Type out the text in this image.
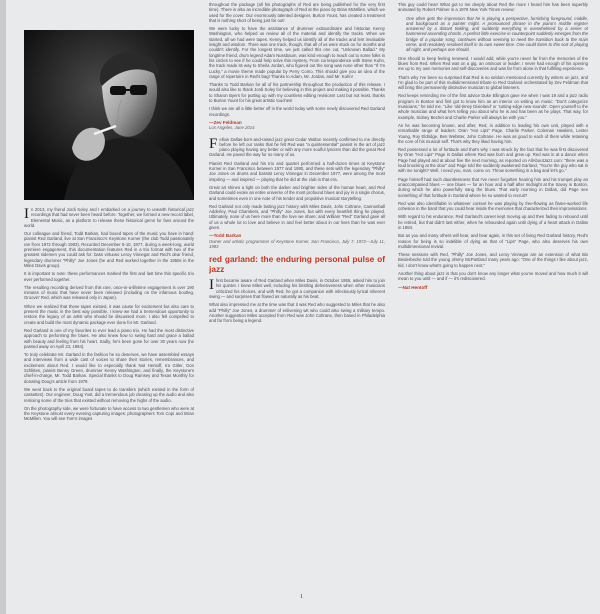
In 2013, my friend Jordi Soley and I embarked on a journey to unearth historical jazz recordings that had never been heard before. Together, we formed a new record label, Elemental Music, as a platform to release these historical gems for fans around the world.

Our colleague and friend, Todd Barkan, had boxed tapes of the music you have in hand: pianist Red Garland, live at San Francisco's Keystone Korner (the club Todd passionately ran from 1972 through 1983). Recorded December 6-10, 1977, during a week-long, world premiere engagement, this documentation features Red in a trio format with two of the greatest sidemen you could ask for: bass virtuoso Leroy Vinnegar and Red's dear friend, legendary drummer "Philly" Joe Jones (he and Red worked together in the 1950s in the Miles Davis group).

It is important to note: these performances marked the first and last time this specific trio ever performed together.

The resulting recording derived from this rare, once-in-a-lifetime engagement is over 190 minutes of music that have never been released (including on the infamous bootleg, Groovin' Red, which was released only in Japan).

When we realized that these tapes existed, it was cause for excitement but also care to present the music in the best way possible. I knew we had a tremendous opportunity to restore the legacy of an artist who should be discussed more. I also felt compelled to create and build the most dynamic package ever done for Mr. Garland.

Red Garland is one of my favorites to ever lead a piano trio. He had the most distinctive approach to performing the blues. He also knew how to swing hard and grace a ballad with beauty and feeling from his heart. Sadly, he's been gone for over 30 years now (he passed away on April 23, 1984).

To truly celebrate Mr. Garland in the fashion he so deserves, we have assembled essays and interviews from a wide cast of voices to share their stories, remembrances, and excitement about Red. I would like to especially thank Nat Hentoff, Ira Gitler, Don Schlitten, pianist Benny Green, drummer Kenny Washington, and finally, the Keystone's chief-in-charge, Mr. Todd Barkan. Special thanks to Doug Ramsey and Texas Monthly for donating Doug's article from 1979.

We went back to the original board tapes to do transfers (which existed in the form of cassettes). Our engineer, Doug Yost, did a tremendous job cleaning up the audio and also remixing some of the trios that existed without removing the highs of the audio.

On the photography side, we were fortunate to have access to two gentlemen who were at the Keystone almost every evening capturing images: photographers Tom Copi and Brian McMillen. You will see Tom's images

throughout the package (all his photographs of Red are being published for the very first time). There is also an incredible photograph of Red at the piano by Brian McMillen, which we used for the cover. Our enormously talented designer, Burton Yount, has created a treatment that is nothing short of being just far out!

We were lucky to have the assistance of drummer extraordinaire and historian Kenny Washington, who helped us review all of the material and identify the tracks. When we started, all we had were tapes. Kenny helped us identify all of the tracks and lent invaluable insight and wisdom. There was one track, though, that all of us were stuck on for months and couldn't identify. For the longest time, we just called this one cut, "Unknown Ballad." My longtime friend, drum legend Adam Nussbaum, was kind enough to reach out to some folks in his circles to see if he could help solve this mystery. From correspondence with Steve Kuhn, the track made its way to Sheila Jordan, who figured out the song was none other than "If I'm Lucky," a movie theme made popular by Perry Como. This should give you an idea of the range of repertoire in Red's bag! Thanks to Adam, Mr. Jordan, and Mr. Kuhn!

Thanks to Todd Barkan for all of his partnership throughout the production of this release. I would also like to thank Jordi Soley for believing in this project and making it possible. Thanks to Sharon Byers for putting up with my countless editing revisions! Last but not least, thanks to Burton Yount for his great artistic touches!

I think we are all a little better off in the world today with some newly discovered Red Garland recordings.

—Zev Feldman
Los Angeles, June 2014

Fellow Dallas-born-and-raised jazz great Cedar Walton recently confirmed to me directly before he left our ranks that he felt Red was "a quintessential" pianist in the art of jazz piano playing having any better or with any more soulful lyricism than did the great Red Garland. He paved the way for so many of us.

Pianist Red Garland and his trio and quartet performed a half-dozen times at Keystone Korner in San Francisco between 1977 and 1980, and these sets with the legendary "Philly" Joe Jones on drums and bassist Leroy Vinnegar in December 1977, were among the most inspiring — and inspired — playing that he did at the club in that era.

Great art shines a light on both the darker and brighter sides of the human heart, and Red Garland could evoke an entire universe of the most profound blues and joy in a single chorus, and sometimes even in one note of his tender and propulsive musical storytelling.

Red Garland not only made lasting jazz history with Miles Davis, John Coltrane, Cannonball Adderley, Paul Chambers, and "Philly" Joe Jones, but with every heartfelt thing he played. Ultimately, none of us here more than the love we share; and William "Red" Garland gave all of us a whole lot to love and believe in and feel better about in our lives than he was ever given.

—Todd Barkan
Owner and artistic programmer of Keystone Korner, San Francisco, July 7, 1972—July 11, 1983

red garland: the enduring personal pulse of jazz

Ifirst became aware of Red Garland when Miles Davis, in October 1955, asked him to join his quintet. I knew Miles well, including his bristling defensiveness when other musicians criticized his choices, and with Red, he got a companion with infectiously lyrical inherent swing — and surprises that flowed as naturally as his beat.

What also impressed me at the time was that it was Red who suggested to Miles that he also add "Philly" Joe Jones, a drummer of enlivening wit who could also swing a military tempo. Another suggestion Miles accepted from Red was John Coltrane, then based in Philadelphia and far from being a legend.

This guy could hear! What got to me deeply about Red the more I heard him has been superbly animated by Robert Palmer in a 1976 New York Times review:

One often gets the impression that he is playing a perspective, furnishing foreground, middle, and background as a painter might. A pronounced phrase in the piano's middle register answered by a distant tinkling, and suddenly everything is overwhelmed by a series of hammered ascending chords. A perfect little exercise in counterpoint suddenly emerges from the bridge of a popular song, continues without seeming to need the transition back to the main verse, and resolutely resolved itself in its own sweet time. One could listen to this sort of playing all night, and perhaps one should.

One should to keep feeling renewed, I would add, while you're never far from the memories of the blues from Red. When Red was on a gig, an ominous or leader, I never had enough of his opening me up to my own memories and self-discoveries and was far from alone in that fulfilling experience.

That's why I've been so surprised that Red is so seldom mentioned currently by writers on jazz, and I'm glad to be part of this multidimensional tribute to Red Garland orchestrated by Zev Feldman that will bring this permanently distinctive musician to global listeners.

Red keeps reminding me of the first advice Duke Ellington gave me when I was 19 and a jazz radio program in Boston and first got to know him as an interior on writing on music: "Don't categorize musicians," he told me. "Like 'old-timey Dixieland' or 'cutting-edge new sounds'. Open yourself to the whole musician and what he's telling you about who he is and has been as he plays. That way, for example, Sidney Bechet and Charlie Parker will always be with you."

As he was becoming known, and after, Red, in addition to leading his own unit, played with a remarkable range of leaders: Oran "Hot Lips" Page, Charlie Parker, Coleman Hawkins, Lester Young, Roy Eldridge, Ben Webster, John Coltrane. He was as good to each of them while retaining the core of his musical self. That's why they liked having him.

Red possessed a lot of fortitude and that's why I was struck by the fact that he was first discovered by Oran "Hot Lips" Page in Dallas where Red was born and grew up. Red was in at a dance when Page had played and at about five the next morning, as reported on AllAboutJazz.com: "there was a loud knocking at the door" and Page told the suddenly awakened Garland, "You're the guy who sat in with me tonight? Well, I need you, man, come on. Throw something in a bag and let's go."

Page himself had such dauntlessness that I've never forgotten hearing him and his trumpet play an unaccompanied blues — one blues — for an hour and a half after midnight at the Savoy in Boston, during which he also powerfully sang the blues. That early morning in Dallas, did Page see something of that fortitude in Garland where he so wanted to recruit?

Red was also identifiable in whatever context he was playing by free-flowing as flame-worked life cohesion in the band that you could hear inside the memories that characterized their improvisations.

With regard to his endurance, Red Garland's career kept moving up and then fading to rebound until he retired, but that didn't last either, when he rebounded again until dying of a heart attack in Dallas in 1984.

But as you and many others will hear, and hear again, in this set of living Red Garland history, Red's reason for being is so indelible of dying as that of "Lips" Page, who also deserves his own multidimensional revival.

These sessions with Red, "Philly" Joe Jones, and Leroy Vinnegar are an extension of what Bix Beiderbecke told the young Jimmy McPartland many years ago: "One of the things I like about jazz, kid, I don't know what's going to happen next."

Another thing about jazz is that you don't know any longer what you've moved and how much it will mean to you until — and if — it's rediscovered.

—Nat Hentoff

1
